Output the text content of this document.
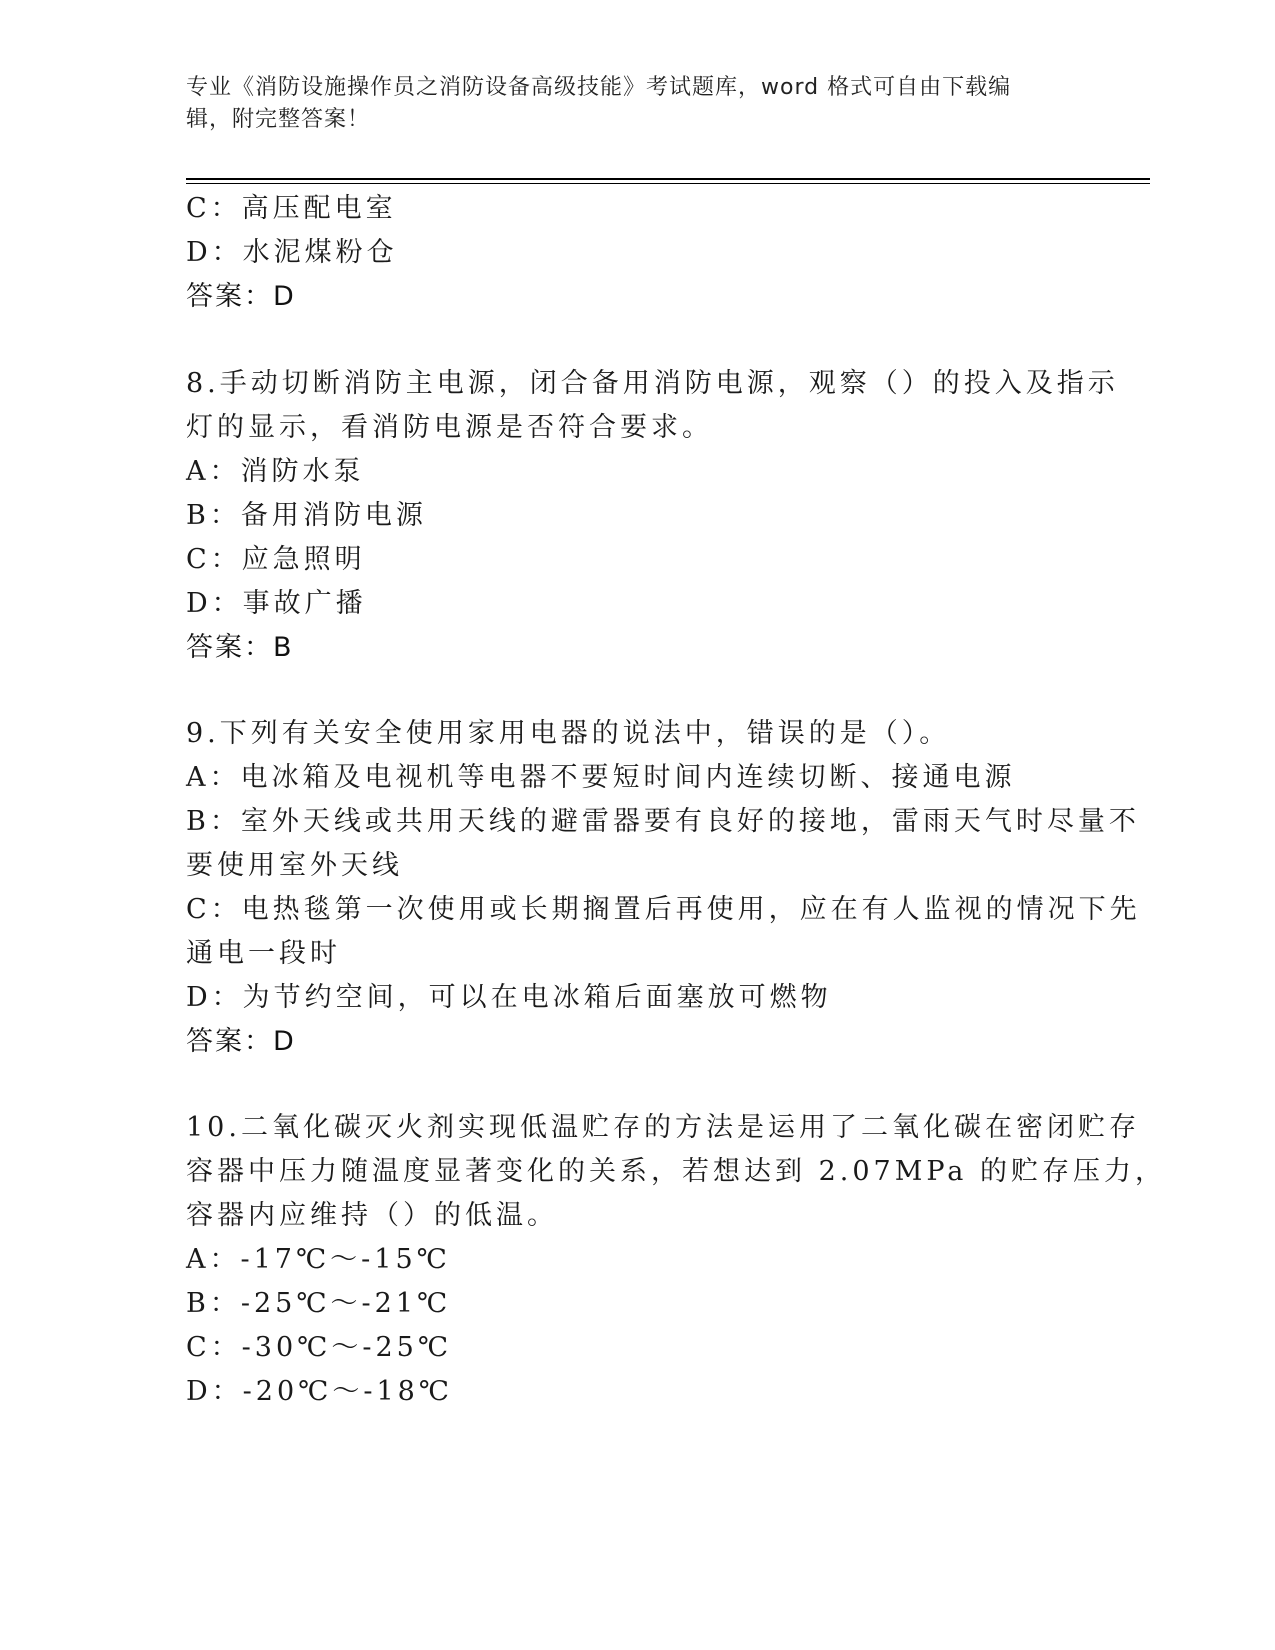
专业《消防设施操作员之消防设备高级技能》考试题库，word 格式可自由下载编
辑，附完整答案！
C：高压配电室
D：水泥煤粉仓
答案：D
8.手动切断消防主电源，闭合备用消防电源，观察（）的投入及指示
灯的显示，看消防电源是否符合要求。
A：消防水泵
B：备用消防电源
C：应急照明
D：事故广播
答案：B
9.下列有关安全使用家用电器的说法中，错误的是（）。
A：电冰箱及电视机等电器不要短时间内连续切断、接通电源
B：室外天线或共用天线的避雷器要有良好的接地，雷雨天气时尽量不
要使用室外天线
C：电热毯第一次使用或长期搁置后再使用，应在有人监视的情况下先
通电一段时
D：为节约空间，可以在电冰箱后面塞放可燃物
答案：D
10.二氧化碳灭火剂实现低温贮存的方法是运用了二氧化碳在密闭贮存
容器中压力随温度显著变化的关系，若想达到 2.07MPa 的贮存压力，
容器内应维持（）的低温。
A：-17℃～-15℃
B：-25℃～-21℃
C：-30℃～-25℃
D：-20℃～-18℃
